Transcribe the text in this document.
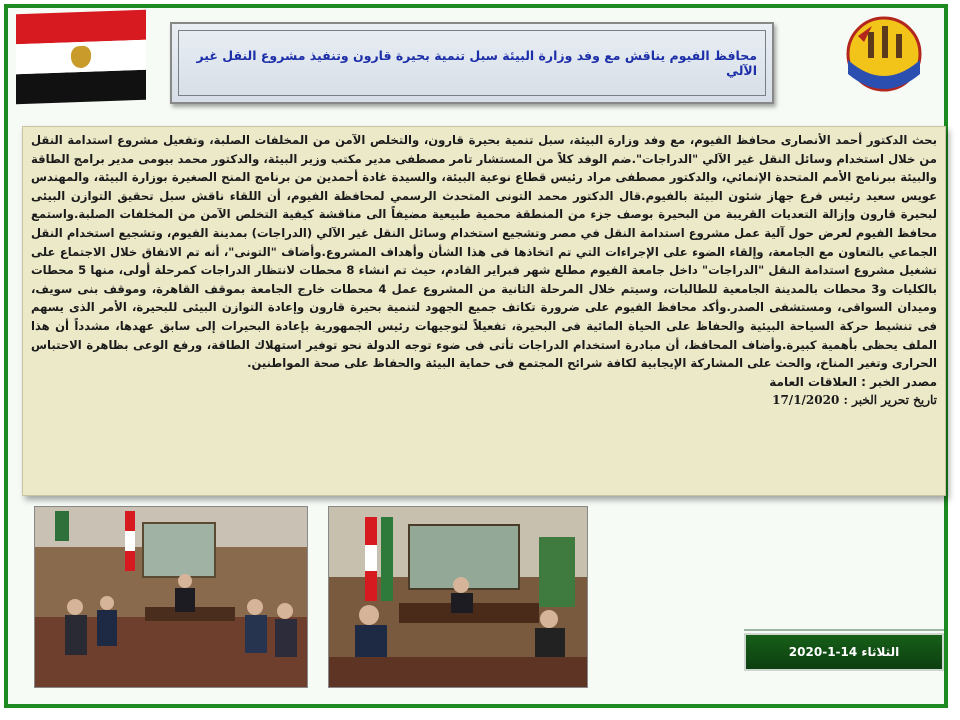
محافظ الفيوم يناقش مع وفد وزارة البيئة سبل تنمية بحيرة قارون وتنفيذ مشروع النقل غير الآلي

بحث الدكتور أحمد الأنصارى محافظ الفيوم، مع وفد وزارة البيئة، سبل تنمية بحيرة قارون، والتخلص الآمن من المخلفات الصلبة، وتفعيل مشروع استدامة النقل من خلال استخدام وسائل النقل غير الآلي "الدراجات".ضم الوفد كلاً من المستشار تامر مصطفى مدير مكتب وزير البيئة، والدكتور محمد بيومى مدير برامج الطاقة والبيئة ببرنامج الأمم المتحدة الإنمائي، والدكتور مصطفى مراد رئيس قطاع نوعية البيئة، والسيدة غادة أحمدين من برنامج المنح الصغيرة بوزارة البيئة، والمهندس عويس سعيد رئيس فرع جهاز شئون البيئة بالفيوم.قال الدكتور محمد التونى المتحدث الرسمي لمحافظة الفيوم، أن اللقاء ناقش سبل تحقيق التوازن البيئى لبحيرة قارون وإزالة التعديات القريبة من البحيرة بوصف جزء من المنطقة محمية طبيعية مضيفاً الى مناقشة كيفية التخلص الآمن من المخلفات الصلبة.واستمع محافظ الفيوم لعرض حول آلية عمل مشروع استدامة النقل في مصر وتشجيع استخدام وسائل النقل غير الآلي (الدراجات) بمدينة الفيوم، وتشجيع استخدام النقل الجماعي بالتعاون مع الجامعة، وإلقاء الضوء على الإجراءات التي تم اتخاذها فى هذا الشأن وأهداف المشروع.وأضاف "التونى"، أنه تم الاتفاق خلال الاجتماع على تشغيل مشروع استدامة النقل "الدراجات" داخل جامعة الفيوم مطلع شهر فبراير القادم، حيث تم انشاء 8 محطات لانتظار الدراجات كمرحلة أولى، منها 5 محطات بالكليات و3 محطات بالمدينة الجامعية للطالبات، وسيتم خلال المرحلة الثانية من المشروع عمل 4 محطات خارج الجامعة بموقف القاهرة، وموقف بنى سويف، وميدان السواقى، ومستشفى الصدر.وأكد محافظ الفيوم على ضرورة تكاتف جميع الجهود لتنمية بحيرة قارون وإعادة التوازن البيئى للبحيرة، الأمر الذى يسهم فى تنشيط حركة السياحة البيئية والحفاظ على الحياة المائية فى البحيرة، تفعيلاً لتوجيهات رئيس الجمهورية بإعادة البحيرات إلى سابق عهدها، مشدداً أن هذا الملف يحظى بأهمية كبيرة.وأضاف المحافظ، أن مبادرة استخدام الدراجات تأتى فى ضوء توجه الدولة نحو توفير استهلاك الطاقة، ورفع الوعى بظاهرة الاحتباس الحرارى وتغير المناخ، والحث على المشاركة الإيجابية لكافة شرائح المجتمع فى حماية البيئة والحفاظ على صحة المواطنين.

مصدر الخبر : العلاقات العامة

تاريخ تحرير الخبر : 17/1/2020

الثلاثاء 14-1-2020
